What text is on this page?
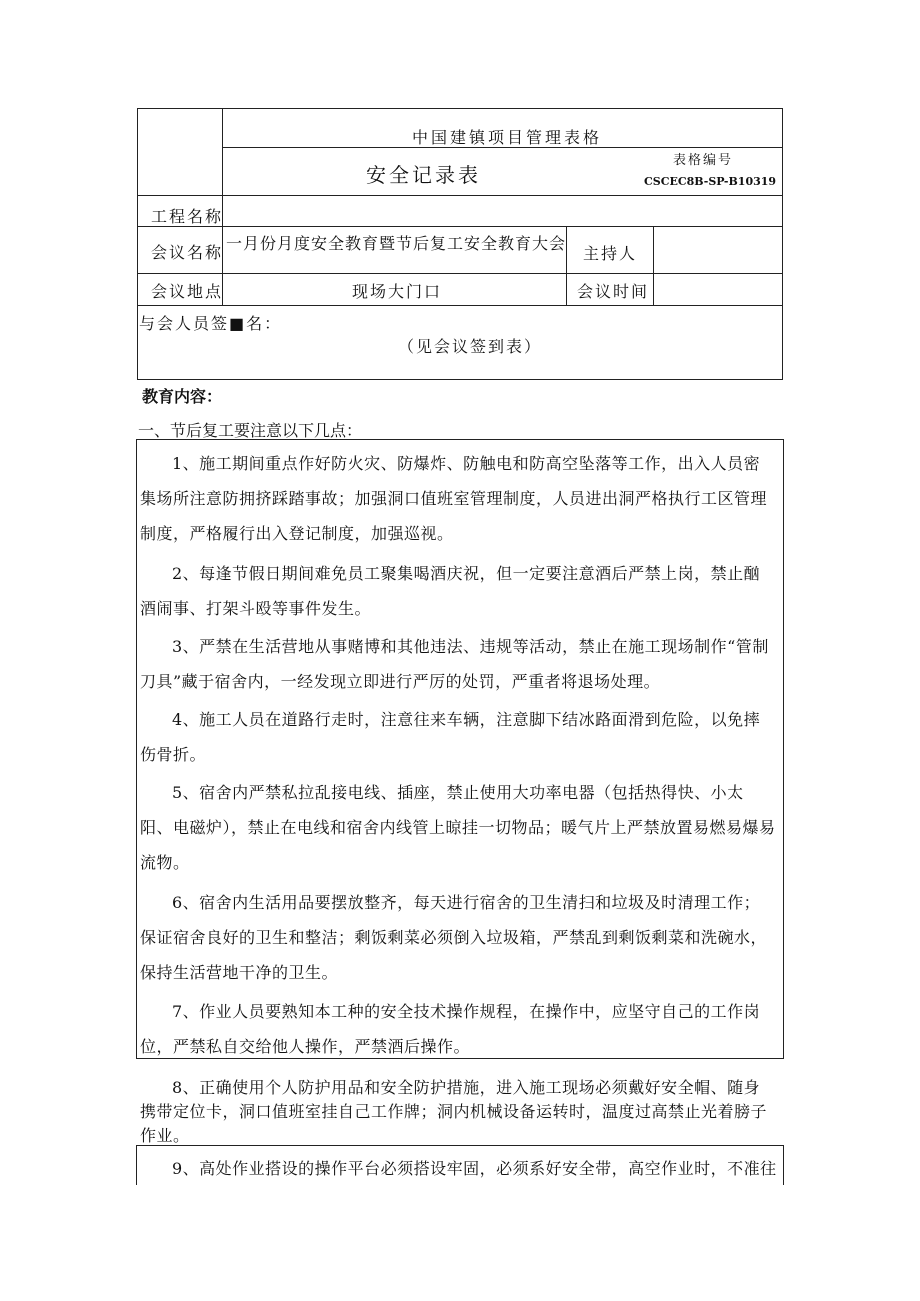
中国建镇项目管理表格
安全记录表
表格编号
CSCEC8B-SP-B10319
工程名称
会议名称 一月份月度安全教育暨节后复工安全教育大会
主持人
会议地点	现场大门口	会议时间
与会人员签■名：
（见会议签到表）
教育内容：
一、节后复工要注意以下几点：
1、施工期间重点作好防火灾、防爆炸、防触电和防高空坠落等工作，出入人员密集场所注意防拥挤踩踏事故；加强洞口值班室管理制度，人员进出洞严格执行工区管理制度，严格履行出入登记制度，加强巡视。
2、每逢节假日期间难免员工聚集喝酒庆祝，但一定要注意酒后严禁上岗，禁止酗酒闹事、打架斗殴等事件发生。
3、严禁在生活营地从事赌博和其他违法、违规等活动，禁止在施工现场制作“管制刀具”藏于宿舍内，一经发现立即进行严厉的处罚，严重者将退场处理。
4、施工人员在道路行走时，注意往来车辆，注意脚下结冰路面滑到危险，以免摔伤骨折。
5、宿舍内严禁私拉乱接电线、插座，禁止使用大功率电器（包括热得快、小太阳、电磁炉），禁止在电线和宿舍内线管上晾挂一切物品；暖气片上严禁放置易燃易爆易流物。
6、宿舍内生活用品要摆放整齐，每天进行宿舍的卫生清扫和垃圾及时清理工作；保证宿舍良好的卫生和整洁；剩饭剩菜必须倒入垃圾箱，严禁乱到剩饭剩菜和洗碗水，保持生活营地干净的卫生。
7、作业人员要熟知本工种的安全技术操作规程，在操作中，应坚守自己的工作岗位，严禁私自交给他人操作，严禁酒后操作。
8、正确使用个人防护用品和安全防护措施，进入施工现场必须戴好安全帽、随身携带定位卡，洞口值班室挂自己工作牌；洞内机械设备运转时，温度过高禁止光着膀子作业。
9、高处作业搭设的操作平台必须搭设牢固，必须系好安全带，高空作业时，不准往
